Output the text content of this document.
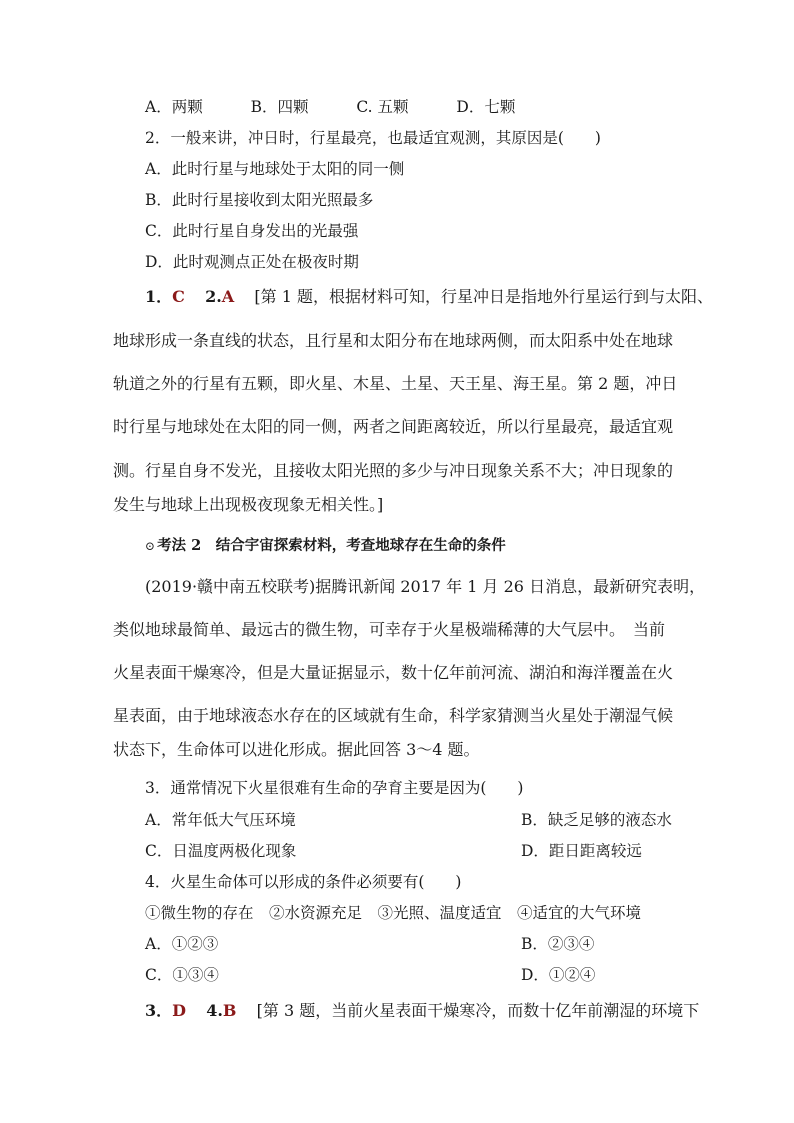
A．两颗	B．四颗	C. 五颗	D．七颗
2．一般来讲，冲日时，行星最亮，也最适宜观测，其原因是(　　)
A．此时行星与地球处于太阳的同一侧
B．此时行星接收到太阳光照最多
C．此时行星自身发出的光最强
D．此时观测点正处在极夜时期
1．C 2.A [第 1 题，根据材料可知，行星冲日是指地外行星运行到与太阳、
地球形成一条直线的状态，且行星和太阳分布在地球两侧，而太阳系中处在地球
轨道之外的行星有五颗，即火星、木星、土星、天王星、海王星。第 2 题，冲日
时行星与地球处在太阳的同一侧，两者之间距离较近，所以行星最亮，最适宜观
测。行星自身不发光，且接收太阳光照的多少与冲日现象关系不大；冲日现象的
发生与地球上出现极夜现象无相关性。]
⊙ 考法 2　结合宇宙探索材料，考查地球存在生命的条件
(2019·赣中南五校联考)据腾讯新闻 2017 年 1 月 26 日消息，最新研究表明，
类似地球最简单、最远古的微生物，可幸存于火星极端稀薄的大气层中。　当前
火星表面干燥寒冷，但是大量证据显示，数十亿年前河流、湖泊和海洋覆盖在火
星表面，由于地球液态水存在的区域就有生命，科学家猜测当火星处于潮湿气候
状态下，生命体可以进化形成。据此回答 3～4 题。
3．通常情况下火星很难有生命的孕育主要是因为(　　)
A．常年低大气压环境	B．缺乏足够的液态水
C．日温度两极化现象	D．距日距离较远
4．火星生命体可以形成的条件必须要有(　　)
①微生物的存在　②水资源充足　③光照、温度适宜　④适宜的大气环境
A．①②③	B．②③④
C．①③④	D．①②④
3．D 4.B [第 3 题，当前火星表面干燥寒冷，而数十亿年前潮湿的环境下
